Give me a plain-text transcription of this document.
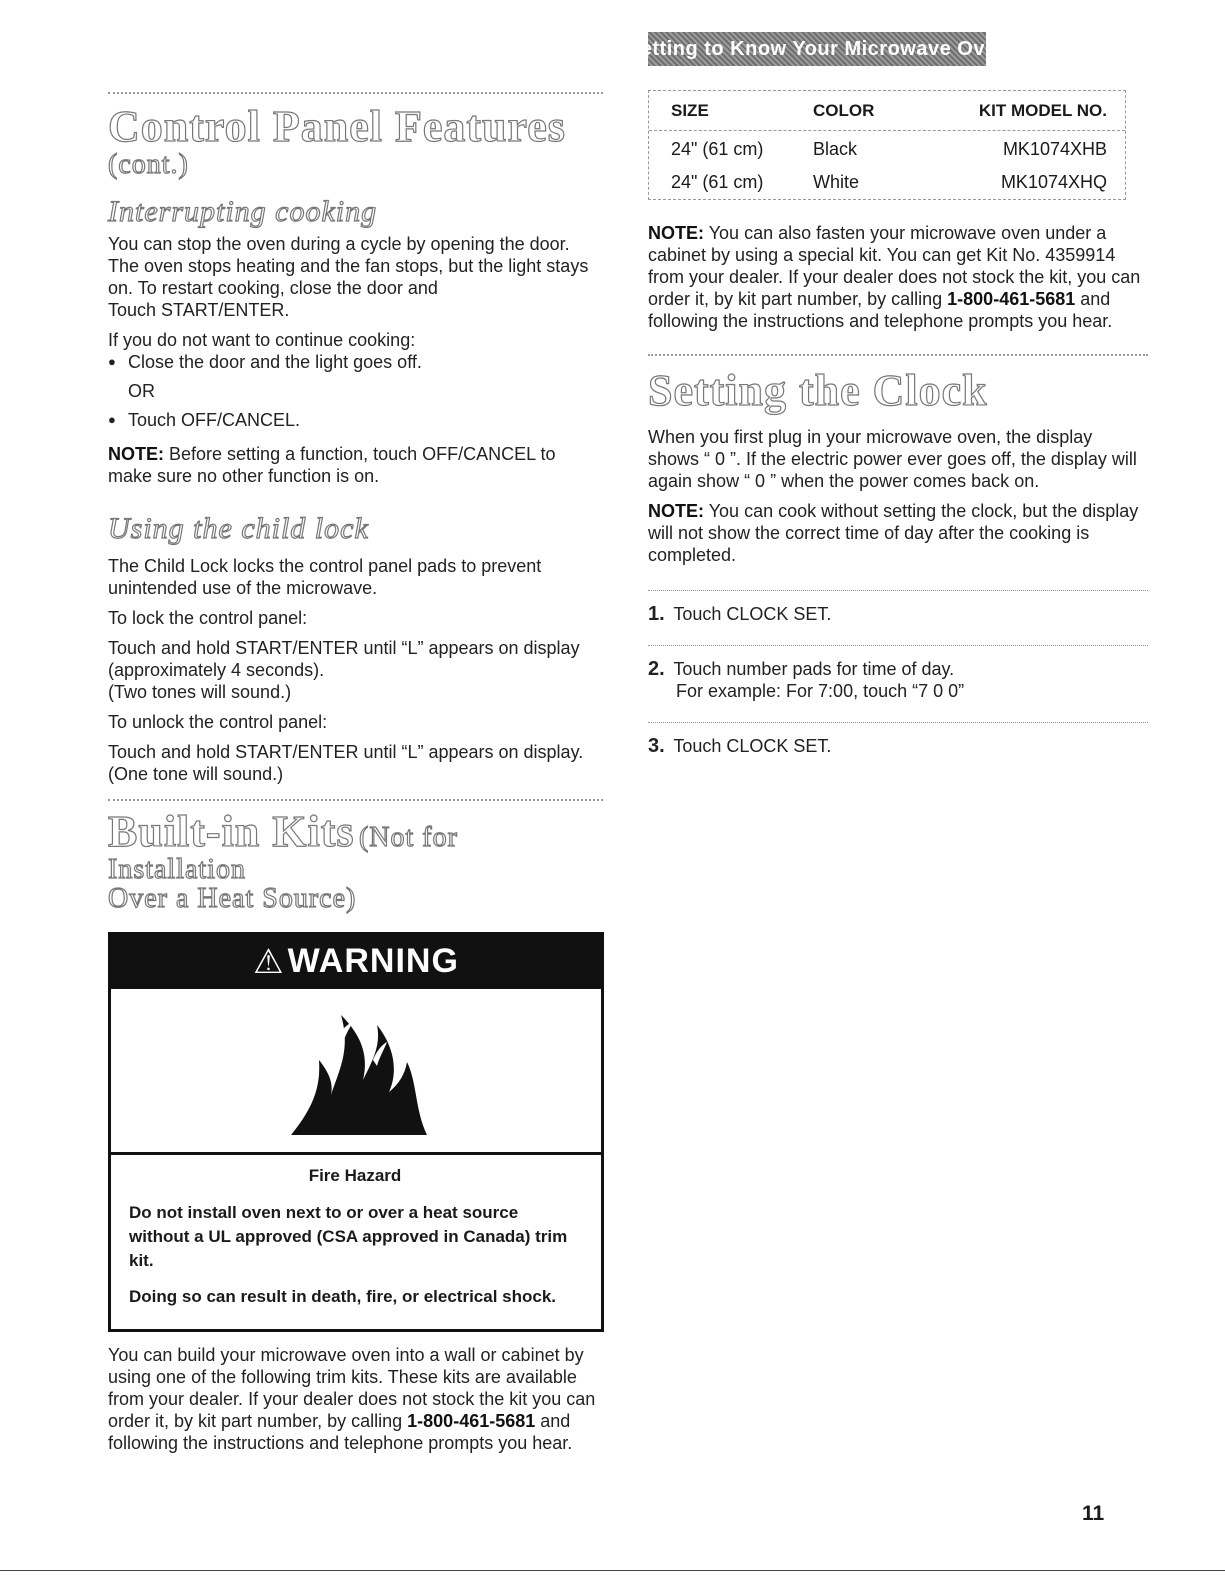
Control Panel Features (cont.)
Interrupting cooking

You can stop the oven during a cycle by opening the door. The oven stops heating and the fan stops, but the light stays on. To restart cooking, close the door and

Touch START/ENTER.

If you do not want to continue cooking:

● Close the door and the light goes off.
OR
● Touch OFF/CANCEL.

NOTE: Before setting a function, touch OFF/CANCEL to make sure no other function is on.

Using the child lock

The Child Lock locks the control panel pads to prevent unintended use of the microwave.

To lock the control panel:

Touch and hold START/ENTER until “L” appears on display (approximately 4 seconds).

(Two tones will sound.)

To unlock the control panel:

Touch and hold START/ENTER until “L” appears on display. (One tone will sound.)

Built-in Kits (Not for Installation
Over a Heat Source)
⚠ WARNING
Fire Hazard
Do not install oven next to or over a heat source without a UL approved (CSA approved in Canada) trim kit.
Doing so can result in death, fire, or electrical shock.

You can build your microwave oven into a wall or cabinet by using one of the following trim kits. These kits are available from your dealer. If your dealer does not stock the kit you can order it, by kit part number, by calling 1-800-461-5681 and following the instructions and telephone prompts you hear.

Getting to Know Your Microwave Oven
SIZE	COLOR	KIT MODEL NO.
24" (61 cm)	Black	MK1074XHB
24" (61 cm)	White	MK1074XHQ

NOTE: You can also fasten your microwave oven under a cabinet by using a special kit. You can get Kit No. 4359914 from your dealer. If your dealer does not stock the kit, you can order it, by kit part number, by calling 1-800-461-5681 and following the instructions and telephone prompts you hear.

Setting the Clock

When you first plug in your microwave oven, the display shows “ 0 ”. If the electric power ever goes off, the display will again show “ 0 ” when the power comes back on.

NOTE: You can cook without setting the clock, but the display will not show the correct time of day after the cooking is completed.

1. Touch CLOCK SET.
2. Touch number pads for time of day.
For example: For 7:00, touch “7 0 0”
3. Touch CLOCK SET.
11
